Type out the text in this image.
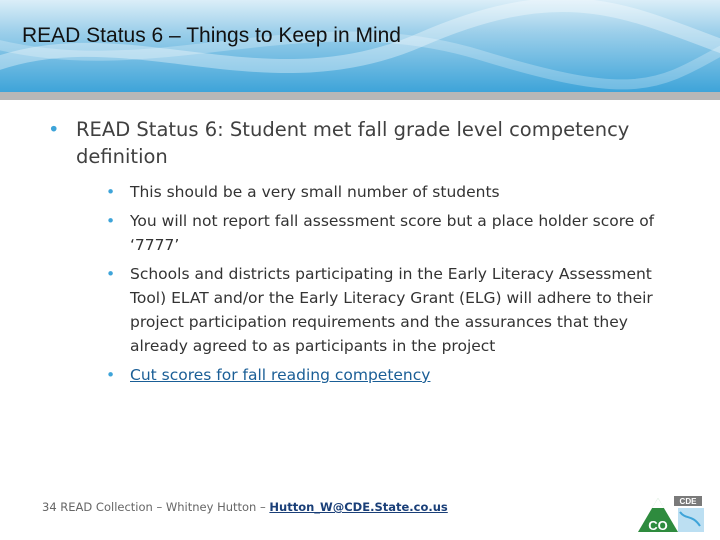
READ Status 6 – Things to Keep in Mind
• READ Status 6: Student met fall grade level competency definition
• This should be a very small number of students
• You will not report fall assessment score but a place holder score of ‘7777’
• Schools and districts participating in the Early Literacy Assessment Tool) ELAT and/or the Early Literacy Grant (ELG) will adhere to their project participation requirements and the assurances that they already agreed to as participants in the project
• Cut scores for fall reading competency
34 READ Collection – Whitney Hutton – Hutton_W@CDE.State.co.us	CDE
CO
